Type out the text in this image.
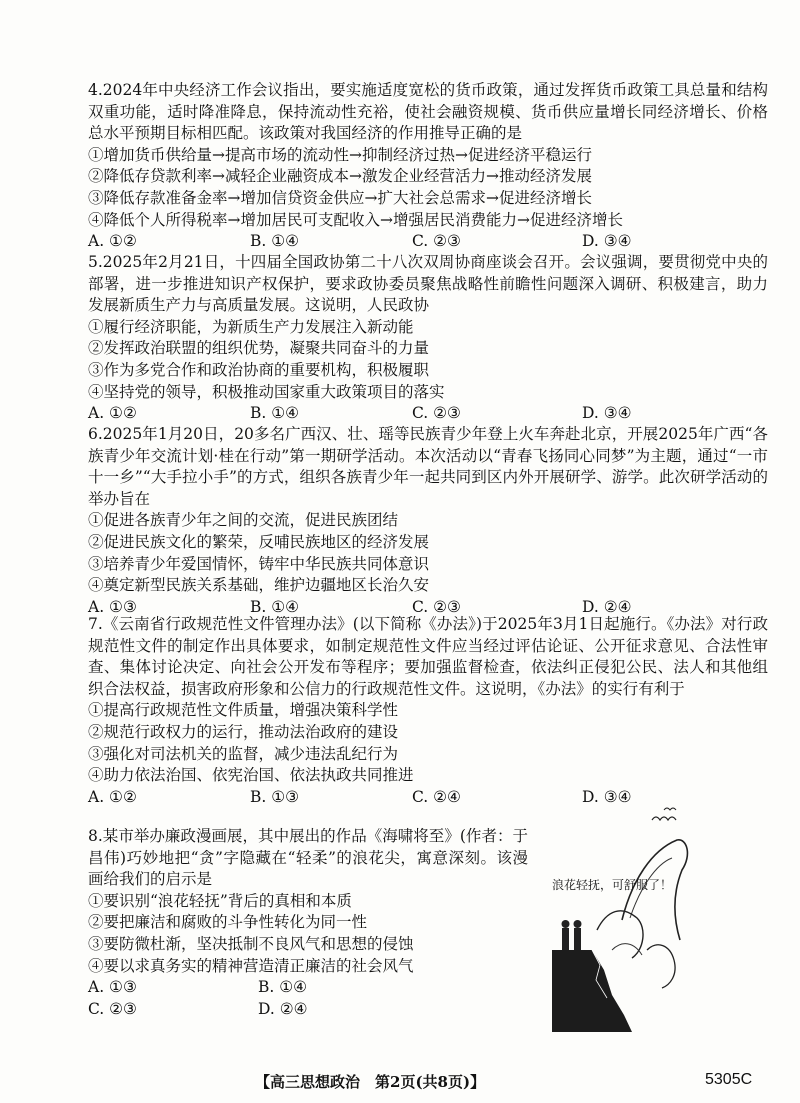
4.2024年中央经济工作会议指出，要实施适度宽松的货币政策，通过发挥货币政策工具总量和结构双重功能，适时降准降息，保持流动性充裕，使社会融资规模、货币供应量增长同经济增长、价格总水平预期目标相匹配。该政策对我国经济的作用推导正确的是

①增加货币供给量→提高市场的流动性→抑制经济过热→促进经济平稳运行

②降低存贷款利率→减轻企业融资成本→激发企业经营活力→推动经济发展

③降低存款准备金率→增加信贷资金供应→扩大社会总需求→促进经济增长

④降低个人所得税率→增加居民可支配收入→增强居民消费能力→促进经济增长

A. ①②	B. ①④	C. ②③	D. ③④

5.2025年2月21日，十四届全国政协第二十八次双周协商座谈会召开。会议强调，要贯彻党中央的部署，进一步推进知识产权保护，要求政协委员聚焦战略性前瞻性问题深入调研、积极建言，助力发展新质生产力与高质量发展。这说明，人民政协

①履行经济职能，为新质生产力发展注入新动能

②发挥政治联盟的组织优势，凝聚共同奋斗的力量

③作为多党合作和政治协商的重要机构，积极履职

④坚持党的领导，积极推动国家重大政策项目的落实

A. ①②	B. ①④	C. ②③	D. ③④

6.2025年1月20日，20多名广西汉、壮、瑶等民族青少年登上火车奔赴北京，开展2025年广西“各族青少年交流计划·桂在行动”第一期研学活动。本次活动以“青春飞扬同心同梦”为主题，通过“一市十一乡”“大手拉小手”的方式，组织各族青少年一起共同到区内外开展研学、游学。此次研学活动的举办旨在

①促进各族青少年之间的交流，促进民族团结

②促进民族文化的繁荣，反哺民族地区的经济发展

③培养青少年爱国情怀，铸牢中华民族共同体意识

④奠定新型民族关系基础，维护边疆地区长治久安

A. ①③	B. ①④	C. ②③	D. ②④

7.《云南省行政规范性文件管理办法》(以下简称《办法》)于2025年3月1日起施行。《办法》对行政规范性文件的制定作出具体要求，如制定规范性文件应当经过评估论证、公开征求意见、合法性审查、集体讨论决定、向社会公开发布等程序；要加强监督检查，依法纠正侵犯公民、法人和其他组织合法权益，损害政府形象和公信力的行政规范性文件。这说明，《办法》的实行有利于

①提高行政规范性文件质量，增强决策科学性

②规范行政权力的运行，推动法治政府的建设

③强化对司法机关的监督，减少违法乱纪行为

④助力依法治国、依宪治国、依法执政共同推进

A. ①②	B. ①③	C. ②④	D. ③④

8.某市举办廉政漫画展，其中展出的作品《海啸将至》(作者：于昌伟)巧妙地把“贪”字隐藏在“轻柔”的浪花尖，寓意深刻。该漫画给我们的启示是

①要识别“浪花轻抚”背后的真相和本质

②要把廉洁和腐败的斗争性转化为同一性

③要防微杜渐，坚决抵制不良风气和思想的侵蚀

④要以求真务实的精神营造清正廉洁的社会风气

A. ①③	B. ①④
C. ②③	D. ②④
浪花轻抚，可舒服了！
【高三思想政治　第2页(共8页)】	5305C
